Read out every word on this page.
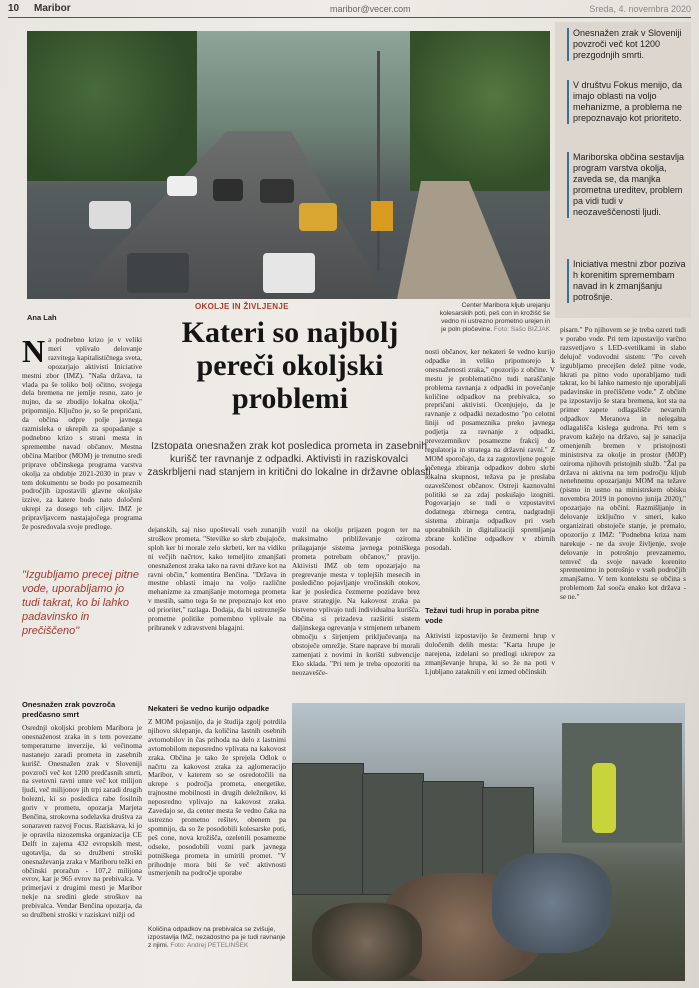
10 Maribor	maribor@vecer.com	Sreda, 4. novembra 2020
Onesnažen zrak v Sloveniji povzroči več kot 1200 prezgodnjih smrti.
V društvu Fokus menijo, da imajo oblasti na voljo mehanizme, a problema ne prepoznavajo kot prioriteto.
Mariborska občina sestavlja program varstva okolja, zaveda se, da manjka prometna ureditev, problem pa vidi tudi v neozaveščenosti ljudi.
Iniciativa mestni zbor poziva h korenitim spremembam navad in k zmanjšanju potrošnje.
Ana Lah
OKOLJE IN ŽIVLJENJE	Center Maribora kljub urejanju kolesarskih poti, peš con in krožišč še vedno ni ustrezno prometno urejen in je poln pločevine. Foto: Sašo BIZJAK
Kateri so najbolj pereči okoljski problemi
Izstopata onesnažen zrak kot posledica prometa in zasebnih kurišč ter ravnanje z odpadki. Aktivisti in raziskovalci zaskrbljeni nad stanjem in kritični do lokalne in državne oblasti
Na podnebno krizo je v veliki meri vplivalo delovanje razvitega kapitalističnega sveta, opozarjajo aktivisti Iniciative mestni zbor (IMZ). "Naša država, ta vlada pa še toliko bolj očitno, svojega dela bremena ne jemlje resno, zato je nujno, da se zbudijo lokalna okolja," pripomnijo. Ključno je, so še prepričani, da občina odpre polje javnega razmisleka o ukrepih za spopadanje s podnebno krizo s strani mesta in spremembe navad občanov. Mestna občina Maribor (MOM) je trenutno sredi priprave občinskega programa varstva okolja za obdobje 2021-2030 in prav v tem dokumentu se bodo po posameznih področjih izpostavili glavne okoljske izzive, za katere bodo nato določeni ukrepi za dosego teh ciljev. IMZ je pripravljavcem nastajajočega programa že posredovala svoje predloge.
"Izgubljamo precej pitne vode, uporabljamo jo tudi takrat, ko bi lahko padavinsko in prečiščeno"
Onesnažen zrak povzroča predčasno smrt
Osrednji okoljski problem Maribora je onesnaženost zraka in s tem povezane temperaturne inverzije, ki večinoma nastanejo zaradi prometa in zasebnih kurišč. Onesnažen zrak v Sloveniji povzroči več kot 1200 predčasnih smrti, na svetovni ravni umre več kot milijon ljudi, več milijonov jih trpi zaradi drugih bolezni, ki so posledica rabe fosilnih goriv v prometu, opozarja Marjeta Benčina, strokovna sodelavka društva za sonaraven razvoj Focus. Raziskava, ki jo je opravila nizozemska organizacija CE Delft in zajema 432 evropskih mest, ugotavlja, da so družbeni stroški onesnaževanja zraka v Mariboru težki en občinski proračun - 107,2 milijona evrov, kar je 965 evrov na prebivalca. V primerjavi z drugimi mesti je Maribor nekje na sredini glede stroškov na prebivalca. Vendar Benčina opozarja, da so družbeni stroški v raziskavi nižji od
dejanskih, saj niso upoštevali vseh zunanjih stroškov prometa. "Stevilke so skrb zbujajoče, sploh ker bi morale zelo skrbeti, ker na vidiku ni večjih načrtov, kako temeljito zmanjšati onesnaženost zraka tako na ravni države kot na ravni občin," komentira Benčina. "Država in mestne oblasti imajo na voljo različne mehanizme za zmanjšanje motornega prometa v mestih, samo tega še ne prepoznajo kot eno od prioritet," razlaga. Dodaja, da bi ustreznejše prometne politike pomembno vplivale na prihranek v zdravstveni blagajni.
Nekateri še vedno kurijo odpadke
Z MOM pojasnijo, da je študija zgolj potrdila njihovo sklepanje, da količina lastnih osebnih avtomobilov in čas prihoda na delo z lastnimi avtomobilom neposredno vplivata na kakovost zraka. Občina je tako že sprejela Odlok o načrtu za kakovost zraka za aglomeracijo Maribor, v katerem so se osredotočili na ukrepe s področja prometa, energetike, trajnostne mobilnosti in drugih deležnikov, ki neposredno vplivajo na kakovost zraka. Zavedajo se, da center mesta še vedno čaka na ustrezno prometno rešitev, obenem pa spomnijo, da so že posodobili kolesarske poti, peš cone, nova krožišča, ozelenili posamezne odseke, posodobili vozni park javnega potniškega prometa in umirili promet. "V prihodnje mora biti še več aktivnosti usmerjenih na področje uporabe
Količina odpadkov na prebivalca se zvišuje, izpostavlja IMZ, nezadostno pa je tudi ravnanje z njimi. Foto: Andrej PETELINŠEK
vozil na okolju prijazen pogon ter na maksimalno približevanje oziroma prilagajanje sistema javnega potniškega prometa potrebam občanov," pravijo. Aktivisti IMZ ob tem opozarjajo na pregrevanje mesta v toplejših mesecih in posledično pojavljanje vročinskih otokov, kar je posledica čezmerne pozidave brez prave strategije. Na kakovost zraka pa bistveno vplivajo tudi individualna kurišča. Občina si prizadeva razširiti sistem daljinskega ogrevanja v strnjenem urbanem območju s širjenjem priključevanja na obstoječe omrežje. Stare naprave bi morali zamenjati z novimi in korišti subvencije Eko sklada. "Pri tem je treba opozoriti na neozavešče-
nosti občanov, ker nekateri še vedno kurijo odpadke in veliko pripomorejo k onesnaženosti zraka," opozorijo z občine. V mestu je problematično tudi naraščanje problema ravnanja z odpadki in povečanje količine odpadkov na prebivalca, so prepričani aktivisti. Ocenjujejo, da je ravnanje z odpadki nezadostno "po celotni liniji od posameznika preko javnega podjetja za ravnanje z odpadki, prevezemnikov posamezne frakcij do regulatorja in stratega na državni ravni." Z MOM sporočajo, da za zagotovljene pogoje ločenega zbiranja odpadkov dobro skrbi lokalna skupnost, težava pa je preslaba ozaveščenost občanov. Ostreji kaznovalni politiki se za zdaj poskušajo izogniti. Pogovarjajo se tudi o vzpostavitvi dodatnega zbirnega centra, nadgradnji sistema zbiranja odpadkov pri vseh uporabnikih in digitalizaciji spremljanja zbrane količine odpadkov v zbirnih posodah.
Težavi tudi hrup in poraba pitne vode
Aktivisti izpostavijo še čezmerni hrup v določenih delih mesta: "Karta hrupe je narejena, izdelani so predlogi ukrepov za zmanjševanje hrupa, ki so že na poti v Ljubljano zataknili v eni izmed občinskih
pisarn." Po njihovem se je treba ozreti tudi v porabo vode. Pri tem izpostavijo varčno razsvetljavo s LED-svetilkami in slabo delujoč vodovodni sistem: "Po ceveh izgubljamo precejšen delež pitne vode, hkrati pa pitno vodo uporabljamo tudi takrat, ko bi lahko namesto nje uporabljali padavinske in prečiščene vode." Z občine pa izpostavijo še stara bremena, kot sta na primer zapete odlagališče nevarnih odpadkov Meranova in nelegalna odlagališča kislega gudrona. Pri tem s pravom kažejo na državo, saj je sanacija omenjenih bremen v pristojnosti ministrstva za okolje in prostor (MOP) oziroma njihovih pristojnih služb. "Žal pa država ni aktivna na tem področju kljub nenehnemu opozarjanju MOM na težave (pismo in ustno na ministrskem obisku novembra 2019 in ponovno junija 2020)," opozarjajo na občini. Razmišljanje in delovanje izključno v smeri, kako organizirati obstoječe stanje, je premalo, opozorijo z IMZ: "Podnebna kriza nam narekuje - ne da svoje življenje, svoje delovanje in potrošnjo prevzamemo, temveč da svoje navade korenito spremenimo in potrošnjo v vseh področjih zmanjšamo. V tem kontekstu se občina s problemom žal sooča enako kot država - se ne."
